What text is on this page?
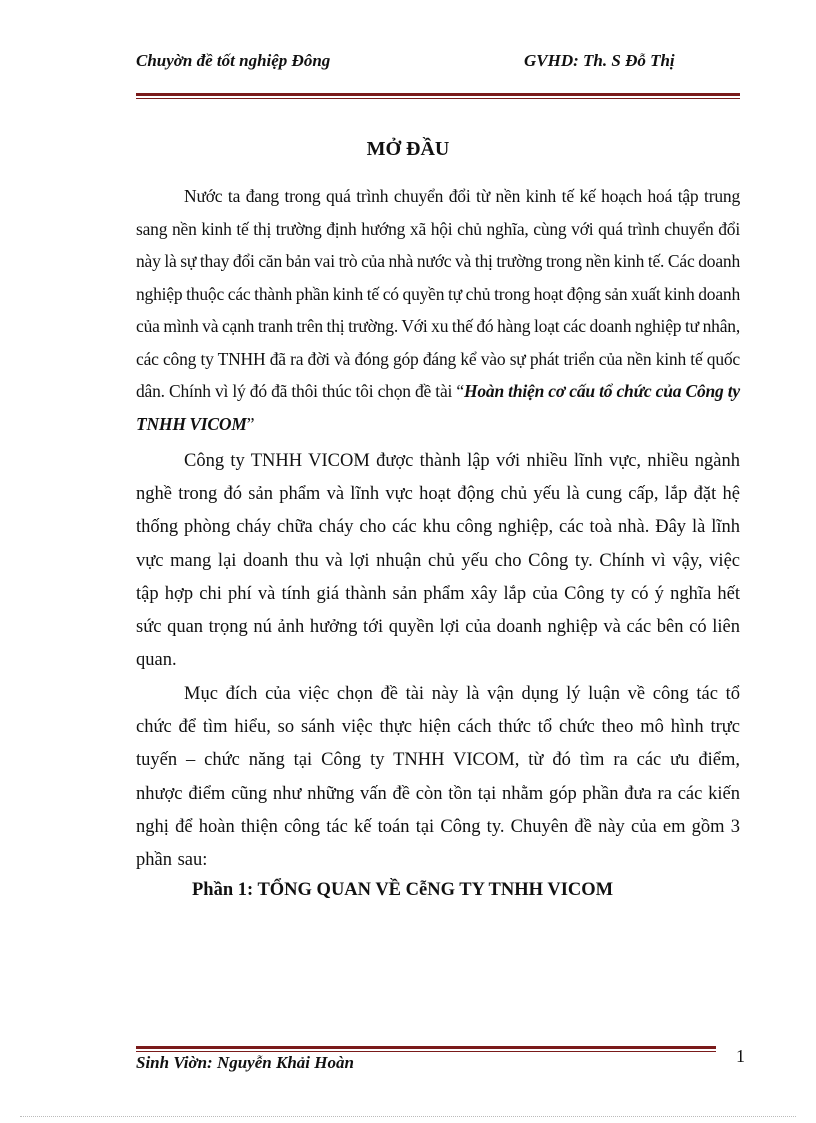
Chuyờn đề tốt nghiệp Đông	GVHD: Th. S Đỗ Thị
MỞ ĐẦU

Nước ta đang trong quá trình chuyển đổi từ nền kinh tế kế hoạch hoá tập trung sang nền kinh tế thị trường định hướng xã hội chủ nghĩa, cùng với quá trình chuyển đổi này là sự thay đổi căn bản vai trò của nhà nước và thị trường trong nền kinh tế. Các doanh nghiệp thuộc các thành phần kinh tế có quyền tự chủ trong hoạt động sản xuất kinh doanh của mình và cạnh tranh trên thị trường. Với xu thế đó hàng loạt các doanh nghiệp tư nhân, các công ty TNHH đã ra đời và đóng góp đáng kể vào sự phát triển của nền kinh tế quốc dân. Chính vì lý đó đã thôi thúc tôi chọn đề tài “Hoàn thiện cơ cấu tổ chức của Công ty TNHH VICOM”

Công ty TNHH VICOM được thành lập với nhiều lĩnh vực, nhiều ngành nghề trong đó sản phẩm và lĩnh vực hoạt động chủ yếu là cung cấp, lắp đặt hệ thống phòng cháy chữa cháy cho các khu công nghiệp, các toà nhà. Đây là lĩnh vực mang lại doanh thu và lợi nhuận chủ yếu cho Công ty. Chính vì vậy, việc tập hợp chi phí và tính giá thành sản phẩm xây lắp của Công ty có ý nghĩa hết sức quan trọng nú ảnh hưởng tới quyền lợi của doanh nghiệp và các bên có liên quan.

Mục đích của việc chọn đề tài này là vận dụng lý luận về công tác tổ chức để tìm hiểu, so sánh việc thực hiện cách thức tổ chức theo mô hình trực tuyến – chức năng tại Công ty TNHH VICOM, từ đó tìm ra các ưu điểm, nhược điểm cũng như những vấn đề còn tồn tại nhằm góp phần đưa ra các kiến nghị để hoàn thiện công tác kế toán tại Công ty. Chuyên đề này của em gồm 3 phần sau:

Phần 1: TỔNG QUAN VỀ CễNG TY TNHH VICOM
Sinh Viờn: Nguyễn Khải Hoàn	1
